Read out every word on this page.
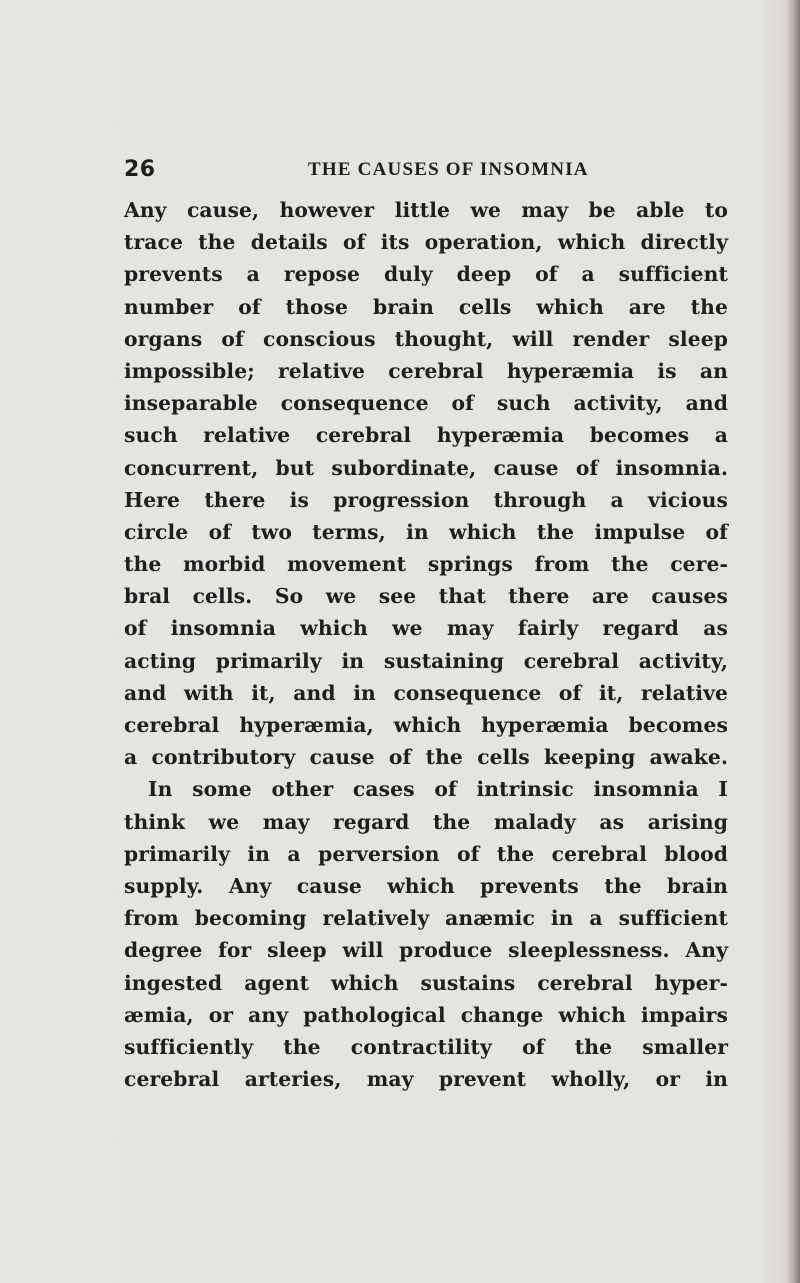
26	THE CAUSES OF INSOMNIA
Any cause, however little we may be able to
trace the details of its operation, which directly
prevents a repose duly deep of a sufficient
number of those brain cells which are the
organs of conscious thought, will render sleep
impossible; relative cerebral hyperæmia is an
inseparable consequence of such activity, and
such relative cerebral hyperæmia becomes a
concurrent, but subordinate, cause of insomnia.
Here there is progression through a vicious
circle of two terms, in which the impulse of
the morbid movement springs from the cere-
bral cells. So we see that there are causes
of insomnia which we may fairly regard as
acting primarily in sustaining cerebral activity,
and with it, and in consequence of it, relative
cerebral hyperæmia, which hyperæmia becomes
a contributory cause of the cells keeping awake.
In some other cases of intrinsic insomnia I
think we may regard the malady as arising
primarily in a perversion of the cerebral blood
supply. Any cause which prevents the brain
from becoming relatively anæmic in a sufficient
degree for sleep will produce sleeplessness. Any
ingested agent which sustains cerebral hyper-
æmia, or any pathological change which impairs
sufficiently the contractility of the smaller
cerebral arteries, may prevent wholly, or in
